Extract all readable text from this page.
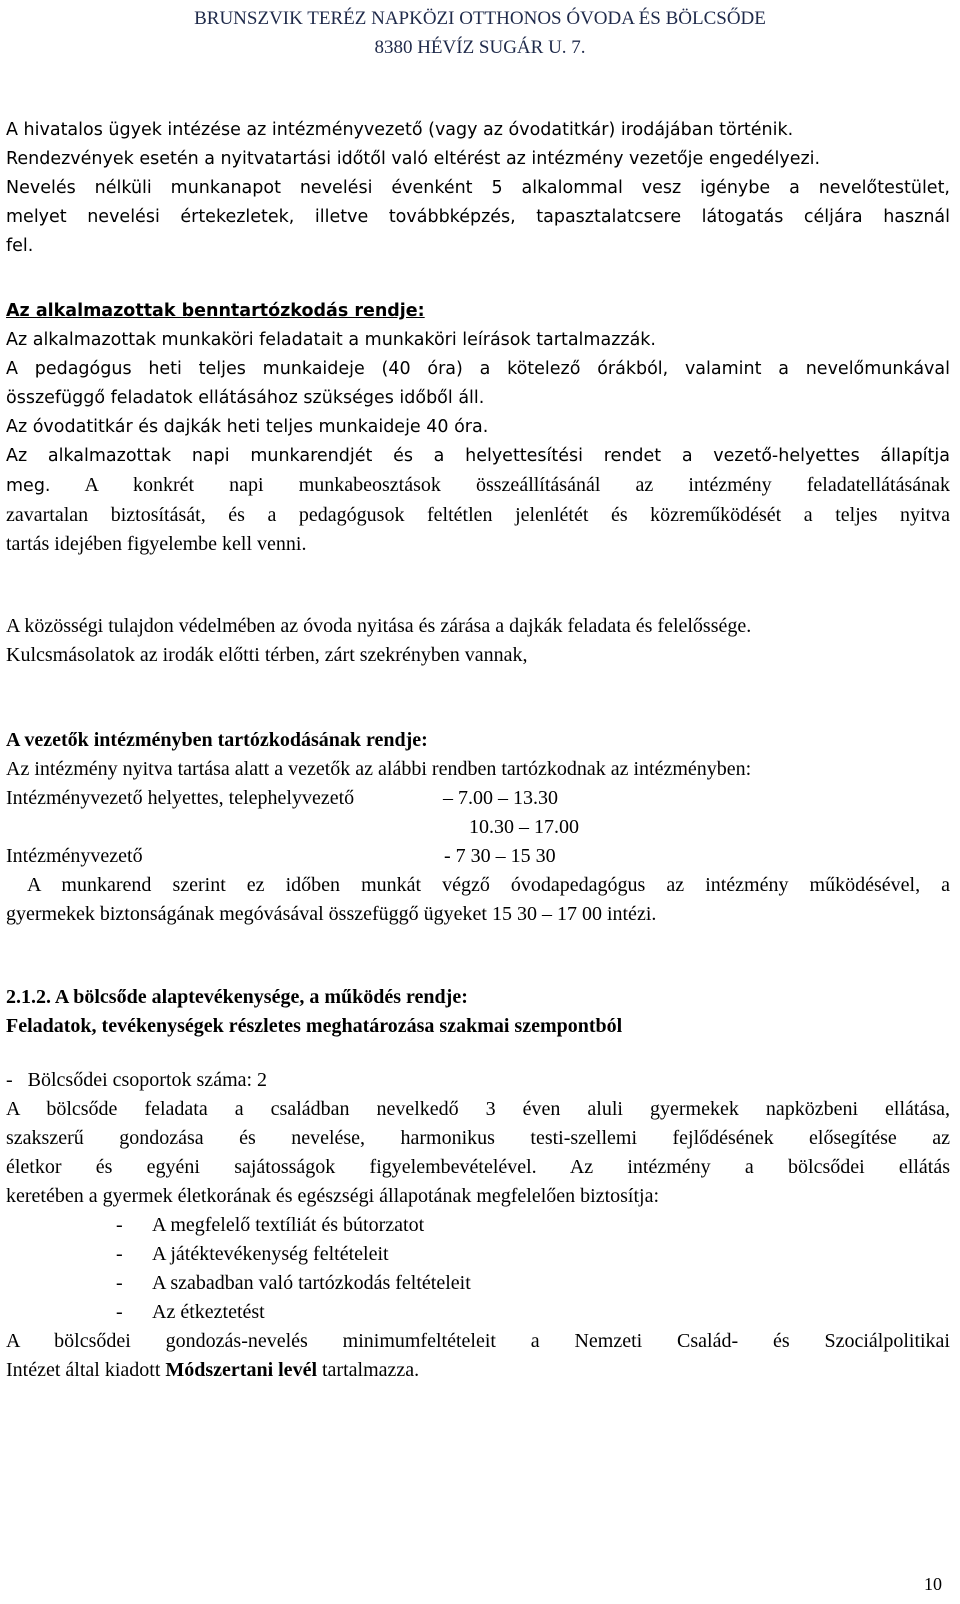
BRUNSZVIK TERÉZ NAPKÖZI OTTHONOS ÓVODA ÉS BÖLCSŐDE
8380 HÉVÍZ SUGÁR U. 7.
A hivatalos ügyek intézése az intézményvezető (vagy az óvodatitkár) irodájában történik.
Rendezvények esetén a nyitvatartási időtől való eltérést az intézmény vezetője engedélyezi.
Nevelés nélküli munkanapot nevelési évenként 5 alkalommal vesz igénybe a nevelőtestület,
melyet nevelési értekezletek, illetve továbbképzés, tapasztalatcsere látogatás céljára használ
fel.
Az alkalmazottak benntartózkodás rendje:
Az alkalmazottak munkaköri feladatait a munkaköri leírások tartalmazzák.
A pedagógus heti teljes munkaideje (40 óra) a kötelező órákból, valamint a nevelőmunkával
összefüggő feladatok ellátásához szükséges időből áll.
Az óvodatitkár és dajkák heti teljes munkaideje 40 óra.
Az alkalmazottak napi munkarendjét és a helyettesítési rendet a vezető-helyettes állapítja
meg. A konkrét napi munkabeosztások összeállításánál az intézmény feladatellátásának
zavartalan biztosítását, és a pedagógusok feltétlen jelenlétét és közreműködését a teljes nyitva
tartás idejében figyelembe kell venni.
A közösségi tulajdon védelmében az óvoda nyitása és zárása a dajkák feladata és felelőssége.
Kulcsmásolatok az irodák előtti térben, zárt szekrényben vannak,
A vezetők intézményben tartózkodásának rendje:
Az intézmény nyitva tartása alatt a vezetők az alábbi rendben tartózkodnak az intézményben:
Intézményvezető helyettes, telephelyvezető	– 7.00 – 13.30
10.30 – 17.00
Intézményvezető	- 7 30 – 15 30
A munkarend szerint ez időben munkát végző óvodapedagógus az intézmény működésével, a
gyermekek biztonságának megóvásával összefüggő ügyeket 15 30 – 17 00 intézi.
2.1.2. A bölcsőde alaptevékenysége, a működés rendje:
Feladatok, tevékenységek részletes meghatározása szakmai szempontból
-   Bölcsődei csoportok száma: 2
A bölcsőde feladata a családban nevelkedő 3 éven aluli gyermekek napközbeni ellátása,
szakszerű gondozása és nevelése, harmonikus testi-szellemi fejlődésének elősegítése az
életkor és egyéni sajátosságok figyelembevételével. Az intézmény a bölcsődei ellátás
keretében a gyermek életkorának és egészségi állapotának megfelelően biztosítja:
- A megfelelő textíliát és bútorzatot
- A játéktevékenység feltételeit
- A szabadban való tartózkodás feltételeit
- Az étkeztetést
A bölcsődei gondozás-nevelés minimumfeltételeit a Nemzeti Család- és Szociálpolitikai
Intézet által kiadott Módszertani levél tartalmazza.
10
